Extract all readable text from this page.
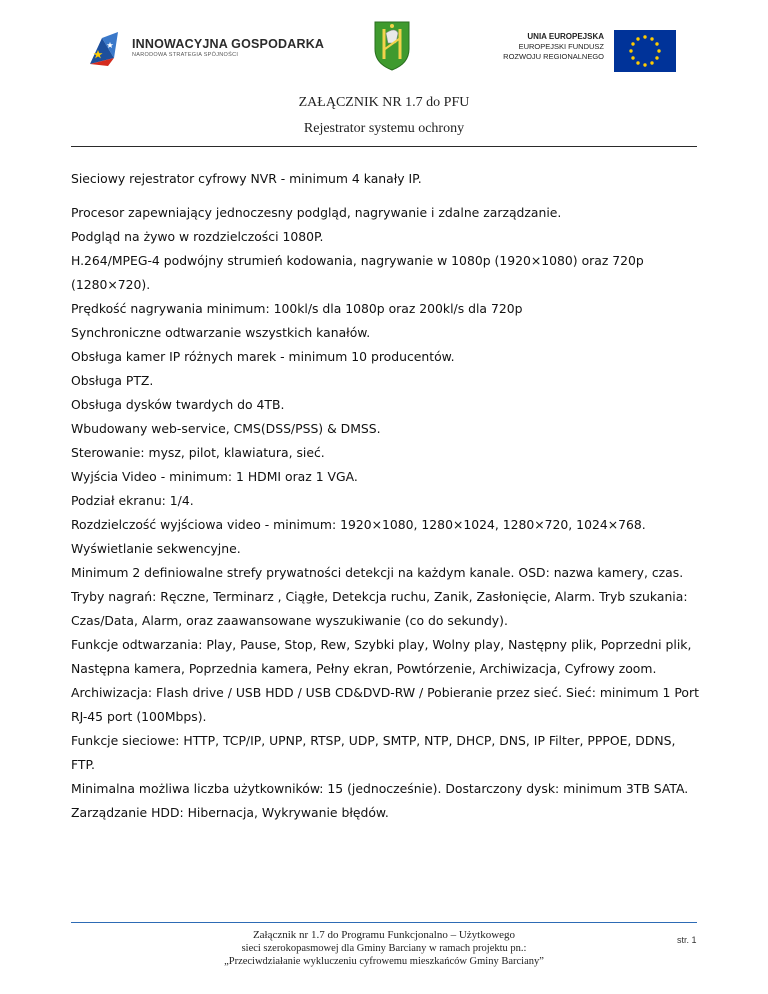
INNOWACYJNA GOSPODARKA
NARODOWA STRATEGIA SPÓJNOŚCI
UNIA EUROPEJSKA
EUROPEJSKI FUNDUSZ
ROZWOJU REGIONALNEGO
ZAŁĄCZNIK NR 1.7 do PFU
Rejestrator systemu ochrony

Sieciowy rejestrator cyfrowy NVR - minimum 4 kanały IP.

Procesor zapewniający jednoczesny podgląd, nagrywanie i zdalne zarządzanie.

Podgląd na żywo w rozdzielczości 1080P.

H.264/MPEG-4 podwójny strumień kodowania, nagrywanie w 1080p (1920×1080) oraz 720p

(1280×720).

Prędkość nagrywania minimum: 100kl/s dla 1080p oraz 200kl/s dla 720p

Synchroniczne odtwarzanie wszystkich kanałów.

Obsługa kamer IP różnych marek - minimum 10 producentów.

Obsługa PTZ.

Obsługa dysków twardych do 4TB.

Wbudowany web-service, CMS(DSS/PSS) & DMSS.

Sterowanie: mysz, pilot, klawiatura, sieć.

Wyjścia Video - minimum: 1 HDMI oraz 1 VGA.

Podział ekranu: 1/4.

Rozdzielczość wyjściowa video - minimum: 1920×1080, 1280×1024, 1280×720, 1024×768.

Wyświetlanie sekwencyjne.

Minimum 2 definiowalne strefy prywatności detekcji na każdym kanale. OSD: nazwa kamery, czas.

Tryby nagrań: Ręczne, Terminarz , Ciągłe, Detekcja ruchu, Zanik, Zasłonięcie, Alarm. Tryb szukania:

Czas/Data, Alarm, oraz zaawansowane wyszukiwanie (co do sekundy).

Funkcje odtwarzania: Play, Pause, Stop, Rew, Szybki play, Wolny play, Następny plik, Poprzedni plik,

Następna kamera, Poprzednia kamera, Pełny ekran, Powtórzenie, Archiwizacja, Cyfrowy zoom.

Archiwizacja: Flash drive / USB HDD / USB CD&DVD-RW / Pobieranie przez sieć. Sieć: minimum 1 Port

RJ-45 port (100Mbps).

Funkcje sieciowe: HTTP, TCP/IP, UPNP, RTSP, UDP, SMTP, NTP, DHCP, DNS, IP Filter, PPPOE, DDNS,

FTP.

Minimalna możliwa liczba użytkowników: 15 (jednocześnie). Dostarczony dysk: minimum 3TB SATA.

Zarządzanie HDD: Hibernacja, Wykrywanie błędów.

Załącznik nr 1.7 do Programu Funkcjonalno – Użytkowego
sieci szerokopasmowej dla Gminy Barciany w ramach projektu pn.:
„Przeciwdziałanie wykluczeniu cyfrowemu mieszkańców Gminy Barciany”
str. 1
